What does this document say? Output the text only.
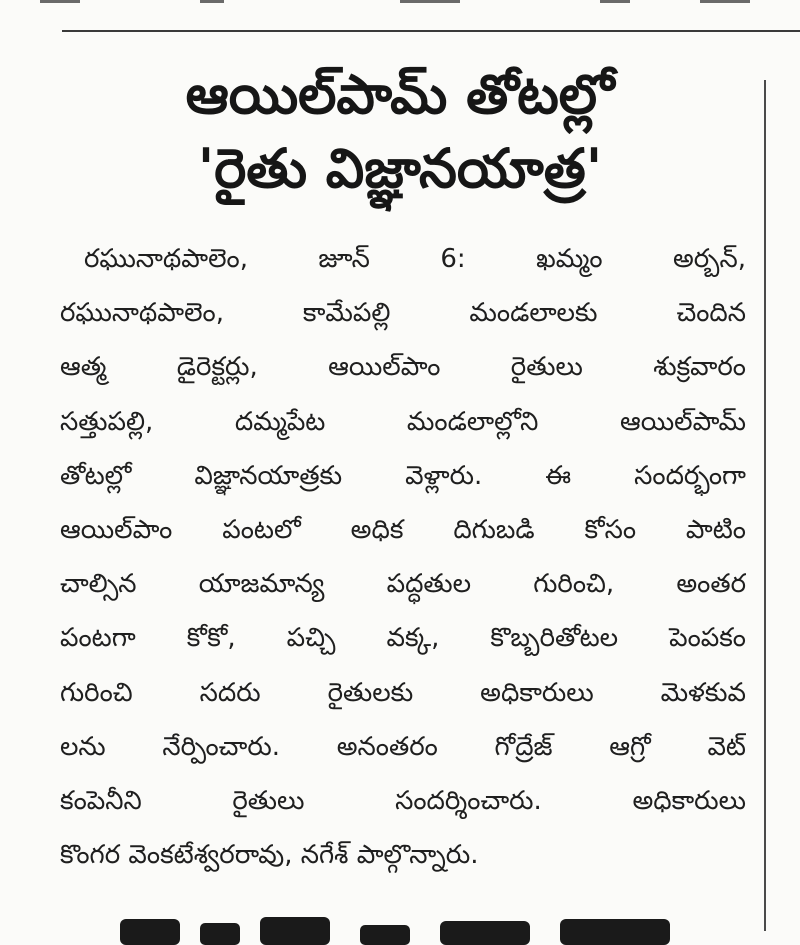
ఆయిల్‌పామ్ తోటల్లో
'రైతు విజ్ఞానయాత్ర'
రఘునాథపాలెం, జూన్ 6: ఖమ్మం అర్బన్,
రఘునాథపాలెం, కామేపల్లి మండలాలకు చెందిన
ఆత్మ డైరెక్టర్లు, ఆయిల్‌పాం రైతులు శుక్రవారం
సత్తుపల్లి, దమ్మపేట మండలాల్లోని ఆయిల్‌పామ్
తోటల్లో విజ్ఞానయాత్రకు వెళ్లారు. ఈ సందర్భంగా
ఆయిల్‌పాం పంటలో అధిక దిగుబడి కోసం పాటిం
చాల్సిన యాజమాన్య పద్ధతుల గురించి, అంతర
పంటగా కోకో, పచ్చి వక్క, కొబ్బరితోటల పెంపకం
గురించి సదరు రైతులకు అధికారులు మెళకువ
లను నేర్పించారు. అనంతరం గోద్రేజ్ ఆగ్రో వెట్
కంపెనీని రైతులు సందర్శించారు. అధికారులు
కొంగర వెంకటేశ్వరరావు, నగేశ్ పాల్గొన్నారు.
